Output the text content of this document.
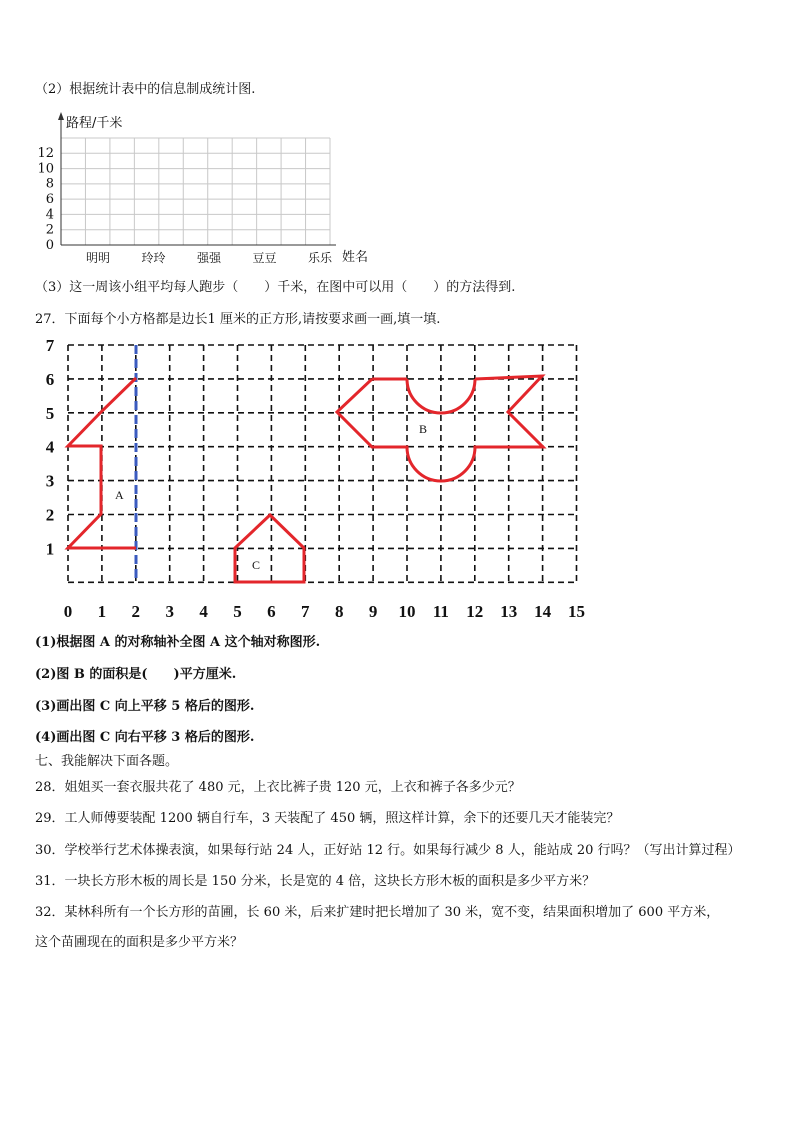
（2）根据统计表中的信息制成统计图.
路程/千米
姓名
0
2
4
6
8
10
12
明明	玲玲	强强	豆豆	乐乐
（3）这一周该小组平均每人跑步（　　）千米，在图中可以用（　　）的方法得到.
27．下面每个小方格都是边长1 厘米的正方形,请按要求画一画,填一填.
0 1 2 3 4 5 6 7 8 9 10 11 12 13 14 15
7
6
5
4
3
2
1
A
C
B
(1)根据图 A 的对称轴补全图 A 这个轴对称图形.
(2)图 B 的面积是(　　)平方厘米.
(3)画出图 C 向上平移 5 格后的图形.
(4)画出图 C 向右平移 3 格后的图形.
七、我能解决下面各题。
28．姐姐买一套衣服共花了 480 元，上衣比裤子贵 120 元，上衣和裤子各多少元？
29．工人师傅要装配 1200 辆自行车，3 天装配了 450 辆，照这样计算，余下的还要几天才能装完？
30．学校举行艺术体操表演，如果每行站 24 人，正好站 12 行。如果每行减少 8 人，能站成 20 行吗？（写出计算过程）
31．一块长方形木板的周长是 150 分米，长是宽的 4 倍，这块长方形木板的面积是多少平方米？
32．某林科所有一个长方形的苗圃，长 60 米，后来扩建时把长增加了 30 米，宽不变，结果面积增加了 600 平方米，
这个苗圃现在的面积是多少平方米？
